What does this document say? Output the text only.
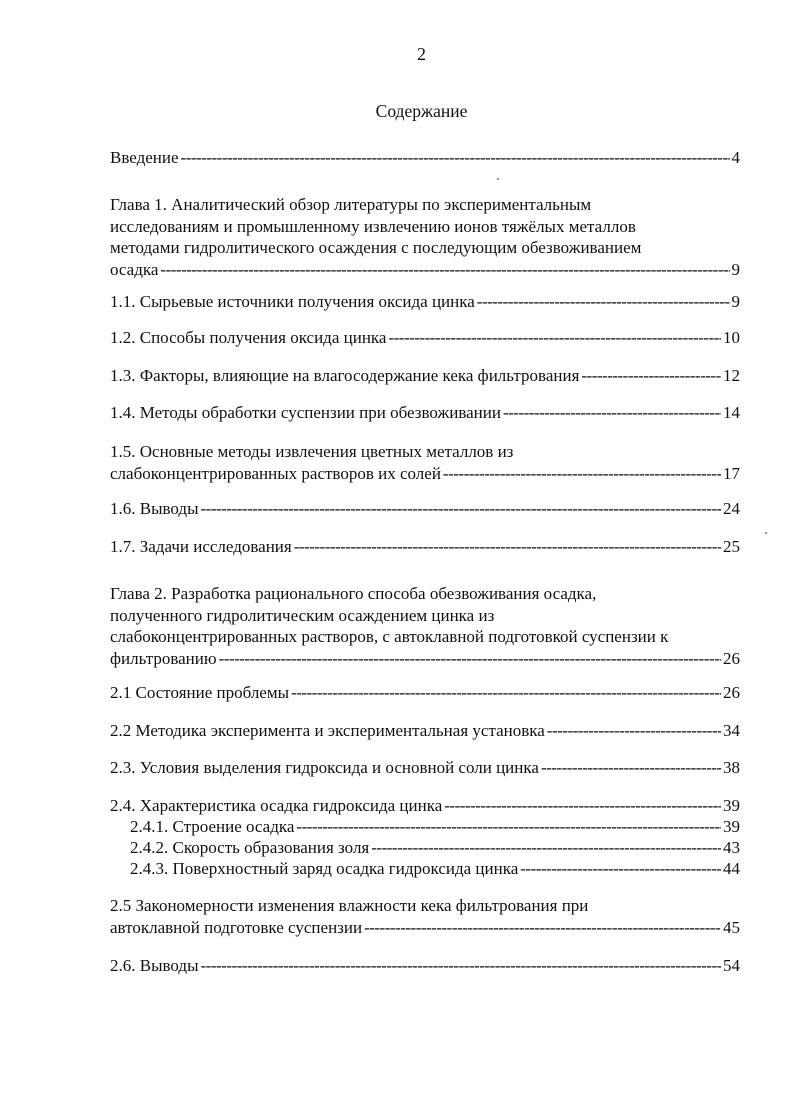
2
Содержание
Введение -----	4
Глава 1. Аналитический обзор литературы по экспериментальным
исследованиям и промышленному извлечению ионов тяжёлых металлов
методами гидролитического осаждения с последующим обезвоживанием
осадка -----	9
1.1. Сырьевые источники получения оксида цинка -----	9
1.2. Способы получения оксида цинка -----	10
1.3. Факторы, влияющие на влагосодержание кека фильтрования -----	12
1.4. Методы обработки суспензии при обезвоживании -----	14
1.5. Основные методы извлечения цветных металлов из
слабоконцентрированных растворов их солей -----	17
1.6. Выводы -----	24
1.7. Задачи исследования -----	25
Глава 2. Разработка рационального способа обезвоживания осадка,
полученного гидролитическим осаждением цинка из
слабоконцентрированных растворов, с автоклавной подготовкой суспензии к
фильтрованию -----	26
2.1 Состояние проблемы -----	26
2.2 Методика эксперимента и экспериментальная установка -----	34
2.3. Условия выделения гидроксида и основной соли цинка -----	38
2.4. Характеристика осадка гидроксида цинка -----	39
2.4.1. Строение осадка -----	39
2.4.2. Скорость образования золя -----	43
2.4.3. Поверхностный заряд осадка гидроксида цинка -----	44
2.5 Закономерности изменения влажности кека фильтрования при
автоклавной подготовке суспензии -----	45
2.6. Выводы -----	54
